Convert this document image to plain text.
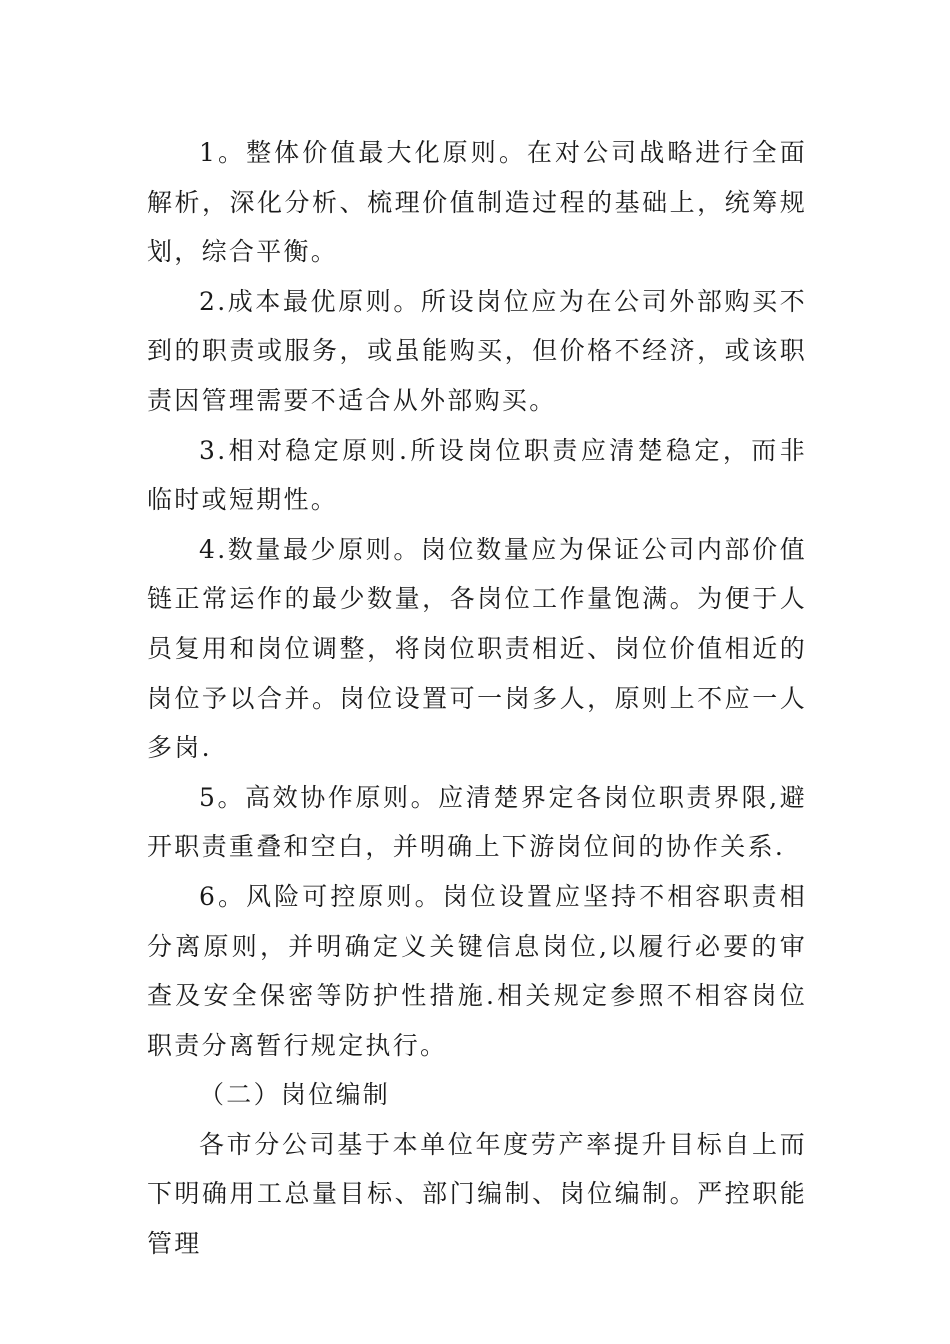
1。整体价值最大化原则。在对公司战略进行全面解析，深化分析、梳理价值制造过程的基础上，统筹规划，综合平衡。

2.成本最优原则。所设岗位应为在公司外部购买不到的职责或服务，或虽能购买，但价格不经济，或该职责因管理需要不适合从外部购买。

3.相对稳定原则.所设岗位职责应清楚稳定，而非临时或短期性。

4.数量最少原则。岗位数量应为保证公司内部价值链正常运作的最少数量，各岗位工作量饱满。为便于人员复用和岗位调整，将岗位职责相近、岗位价值相近的岗位予以合并。岗位设置可一岗多人，原则上不应一人多岗.

5。高效协作原则。应清楚界定各岗位职责界限,避开职责重叠和空白，并明确上下游岗位间的协作关系.

6。风险可控原则。岗位设置应坚持不相容职责相分离原则，并明确定义关键信息岗位,以履行必要的审查及安全保密等防护性措施.相关规定参照不相容岗位职责分离暂行规定执行。

（二）岗位编制

各市分公司基于本单位年度劳产率提升目标自上而下明确用工总量目标、部门编制、岗位编制。严控职能管理
